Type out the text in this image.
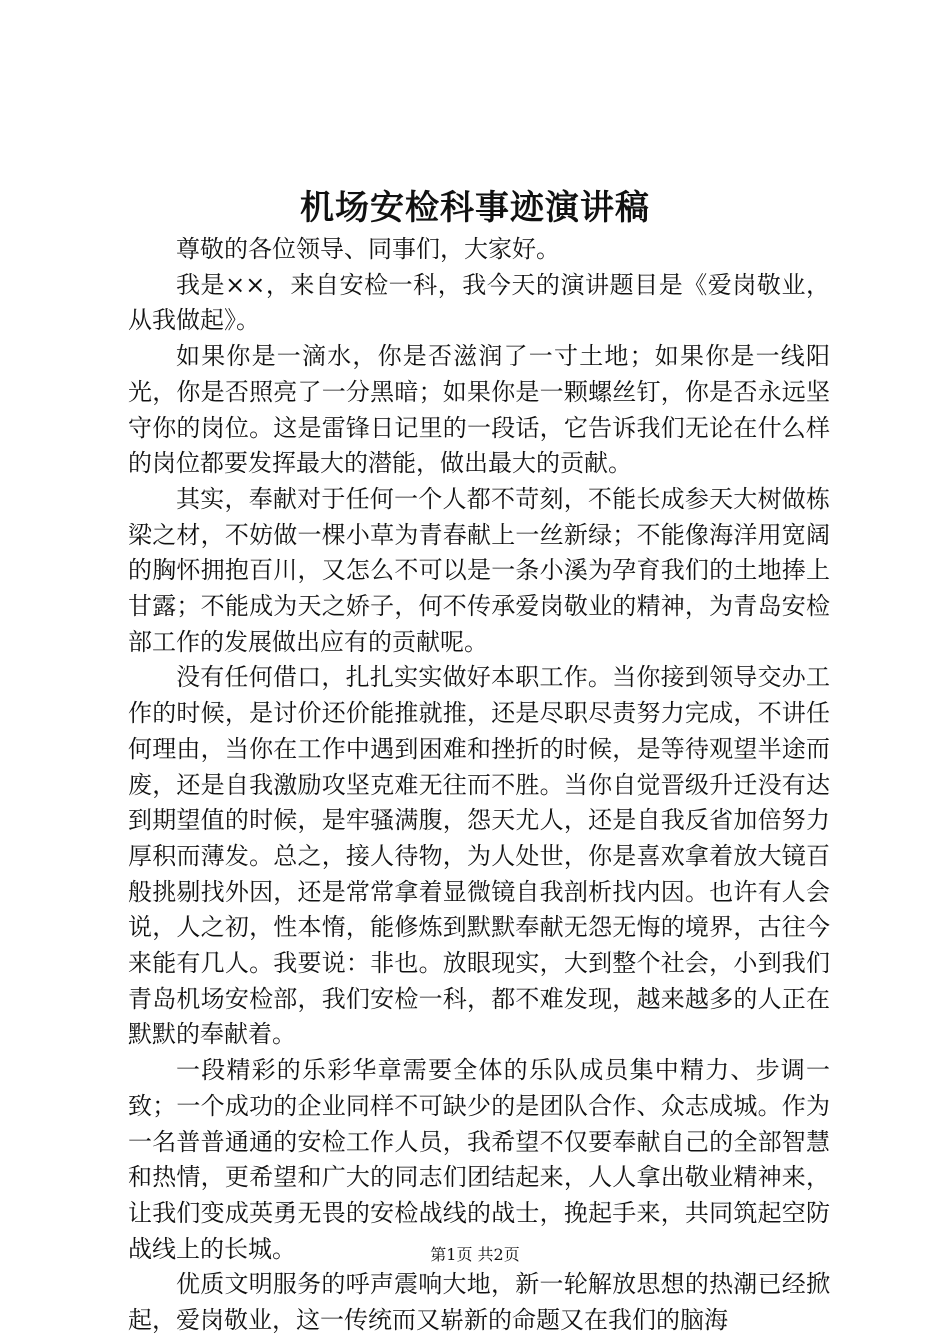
机场安检科事迹演讲稿

尊敬的各位领导、同事们，大家好。

我是××，来自安检一科，我今天的演讲题目是《爱岗敬业，从我做起》。

如果你是一滴水，你是否滋润了一寸土地；如果你是一线阳光，你是否照亮了一分黑暗；如果你是一颗螺丝钉，你是否永远坚守你的岗位。这是雷锋日记里的一段话，它告诉我们无论在什么样的岗位都要发挥最大的潜能，做出最大的贡献。

其实，奉献对于任何一个人都不苛刻，不能长成参天大树做栋梁之材，不妨做一棵小草为青春献上一丝新绿；不能像海洋用宽阔的胸怀拥抱百川，又怎么不可以是一条小溪为孕育我们的土地捧上甘露；不能成为天之娇子，何不传承爱岗敬业的精神，为青岛安检部工作的发展做出应有的贡献呢。

没有任何借口，扎扎实实做好本职工作。当你接到领导交办工作的时候，是讨价还价能推就推，还是尽职尽责努力完成，不讲任何理由，当你在工作中遇到困难和挫折的时候，是等待观望半途而废，还是自我激励攻坚克难无往而不胜。当你自觉晋级升迁没有达到期望值的时候，是牢骚满腹，怨天尤人，还是自我反省加倍努力厚积而薄发。总之，接人待物，为人处世，你是喜欢拿着放大镜百般挑剔找外因，还是常常拿着显微镜自我剖析找内因。也许有人会说，人之初，性本惰，能修炼到默默奉献无怨无悔的境界，古往今来能有几人。我要说：非也。放眼现实，大到整个社会，小到我们青岛机场安检部，我们安检一科，都不难发现，越来越多的人正在默默的奉献着。

一段精彩的乐彩华章需要全体的乐队成员集中精力、步调一致；一个成功的企业同样不可缺少的是团队合作、众志成城。作为一名普普通通的安检工作人员，我希望不仅要奉献自己的全部智慧和热情，更希望和广大的同志们团结起来，人人拿出敬业精神来，让我们变成英勇无畏的安检战线的战士，挽起手来，共同筑起空防战线上的长城。

优质文明服务的呼声震响大地，新一轮解放思想的热潮已经掀起，爱岗敬业，这一传统而又崭新的命题又在我们的脑海

第1页 共2页
